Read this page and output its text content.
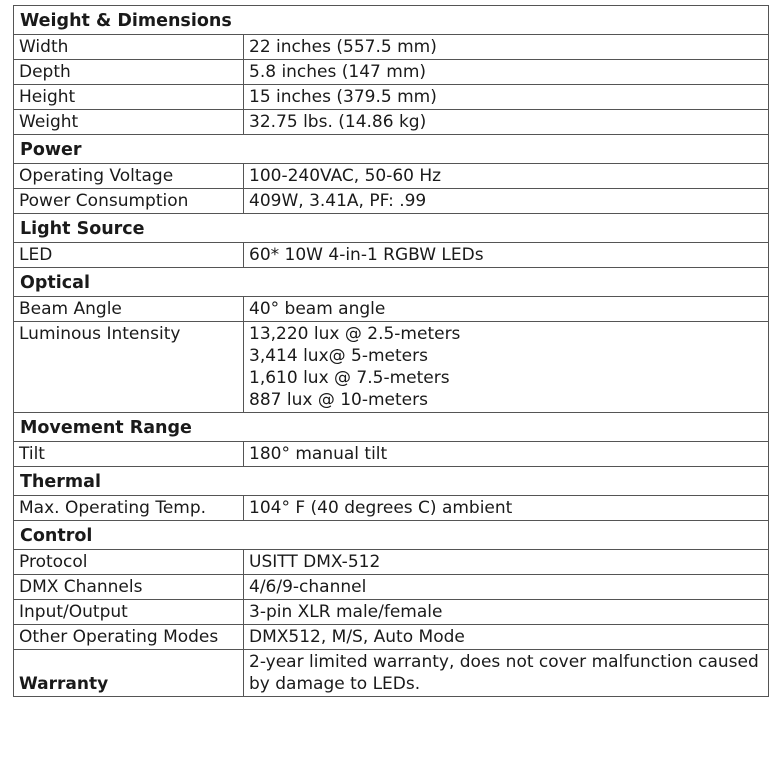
Weight & Dimensions	
Width	22 inches (557.5 mm)
Depth	5.8 inches (147 mm)
Height	15 inches (379.5 mm)
Weight	32.75 lbs. (14.86 kg)
Power	
Operating Voltage	100-240VAC, 50-60 Hz
Power Consumption	409W, 3.41A, PF: .99
Light Source	
LED	60* 10W 4-in-1 RGBW LEDs
Optical	
Beam Angle	40° beam angle
Luminous Intensity	13,220 lux @ 2.5-meters
3,414 lux@ 5-meters
1,610 lux @ 7.5-meters
887 lux @ 10-meters

Movement Range	
Tilt	180° manual tilt
Thermal	
Max. Operating Temp.	104° F (40 degrees C) ambient
Control	
Protocol	USITT DMX-512
DMX Channels	4/6/9-channel
Input/Output	3-pin XLR male/female
Other Operating Modes	DMX512, M/S, Auto Mode
Warranty	2-year limited warranty, does not cover malfunction caused by damage to LEDs.
